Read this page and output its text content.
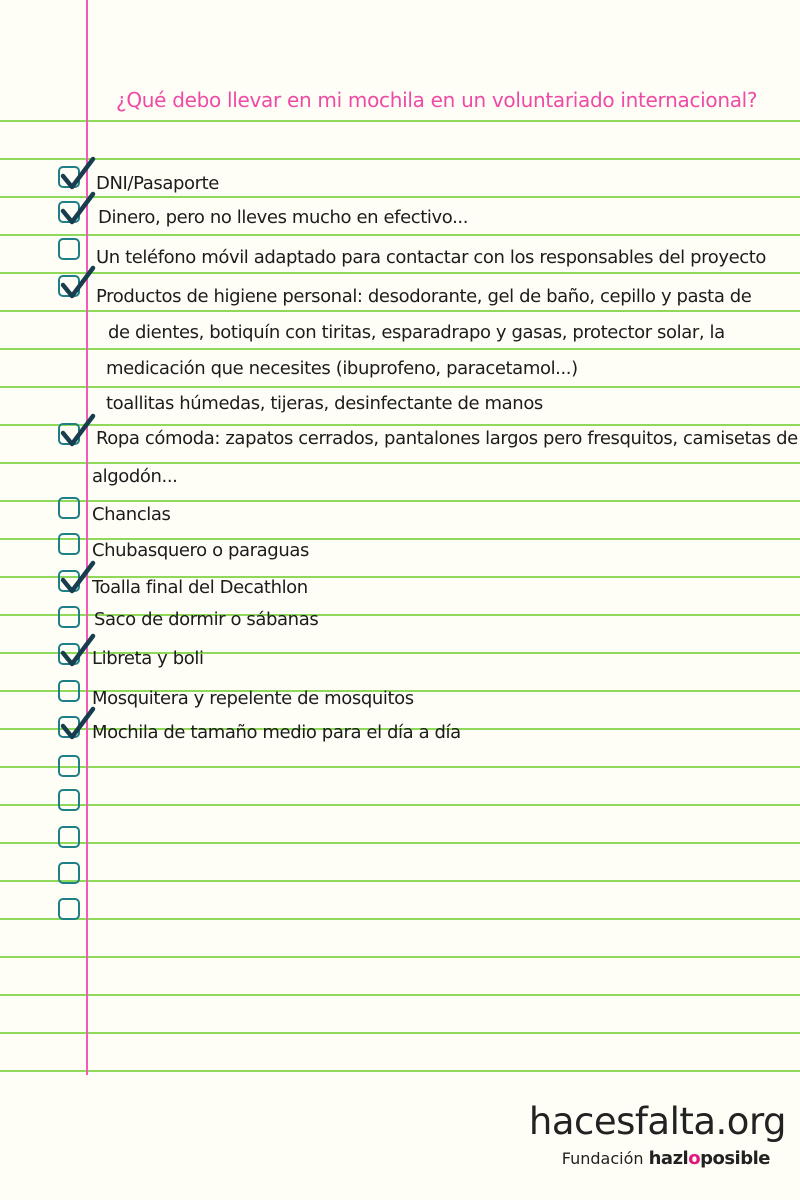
¿Qué debo llevar en mi mochila en un voluntariado internacional?
DNI/Pasaporte
Dinero, pero no lleves mucho en efectivo...
Un teléfono móvil adaptado para contactar con los responsables del proyecto
Productos de higiene personal: desodorante, gel de baño, cepillo y pasta de
de dientes, botiquín con tiritas, esparadrapo y gasas, protector solar, la
medicación que necesites (ibuprofeno, paracetamol...)
toallitas húmedas, tijeras, desinfectante de manos
Ropa cómoda: zapatos cerrados, pantalones largos pero fresquitos, camisetas de
algodón...
Chanclas
Chubasquero o paraguas
Toalla final del Decathlon
Saco de dormir o sábanas
Libreta y boli
Mosquitera y repelente de mosquitos
Mochila de tamaño medio para el día a día
hacesfalta.org
Fundación hazloposible
